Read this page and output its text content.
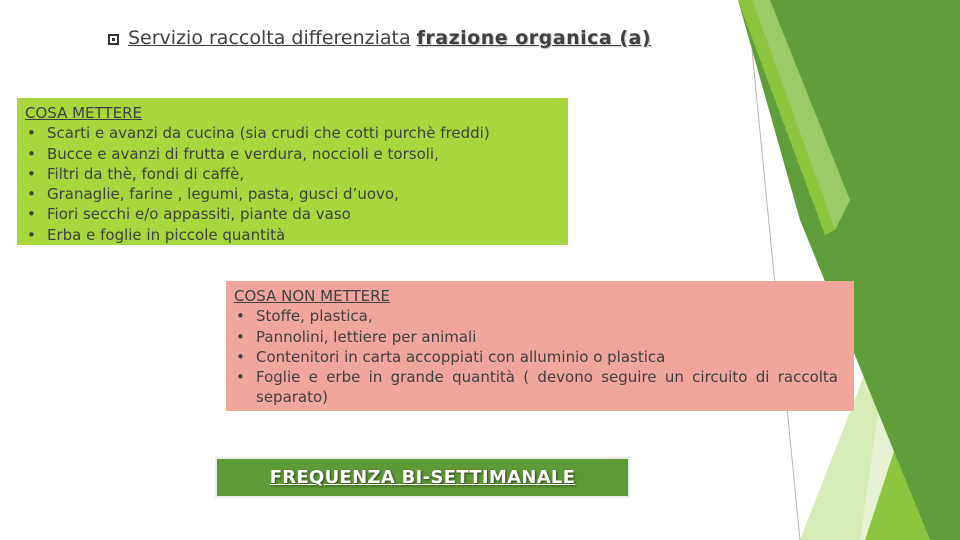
Servizio raccolta differenziata frazione organica (a)
COSA METTERE
• Scarti e avanzi da cucina (sia crudi che cotti purchè freddi)
• Bucce e avanzi di frutta e verdura, noccioli e torsoli,
• Filtri da thè, fondi di caffè,
• Granaglie, farine , legumi, pasta, gusci d’uovo,
• Fiori secchi e/o appassiti, piante da vaso
• Erba e foglie in piccole quantità
COSA NON METTERE
• Stoffe, plastica,
• Pannolini, lettiere per animali
• Contenitori in carta accoppiati con alluminio o plastica
• Foglie e erbe in grande quantità ( devono seguire un circuito di raccolta separato)
FREQUENZA BI-SETTIMANALE
